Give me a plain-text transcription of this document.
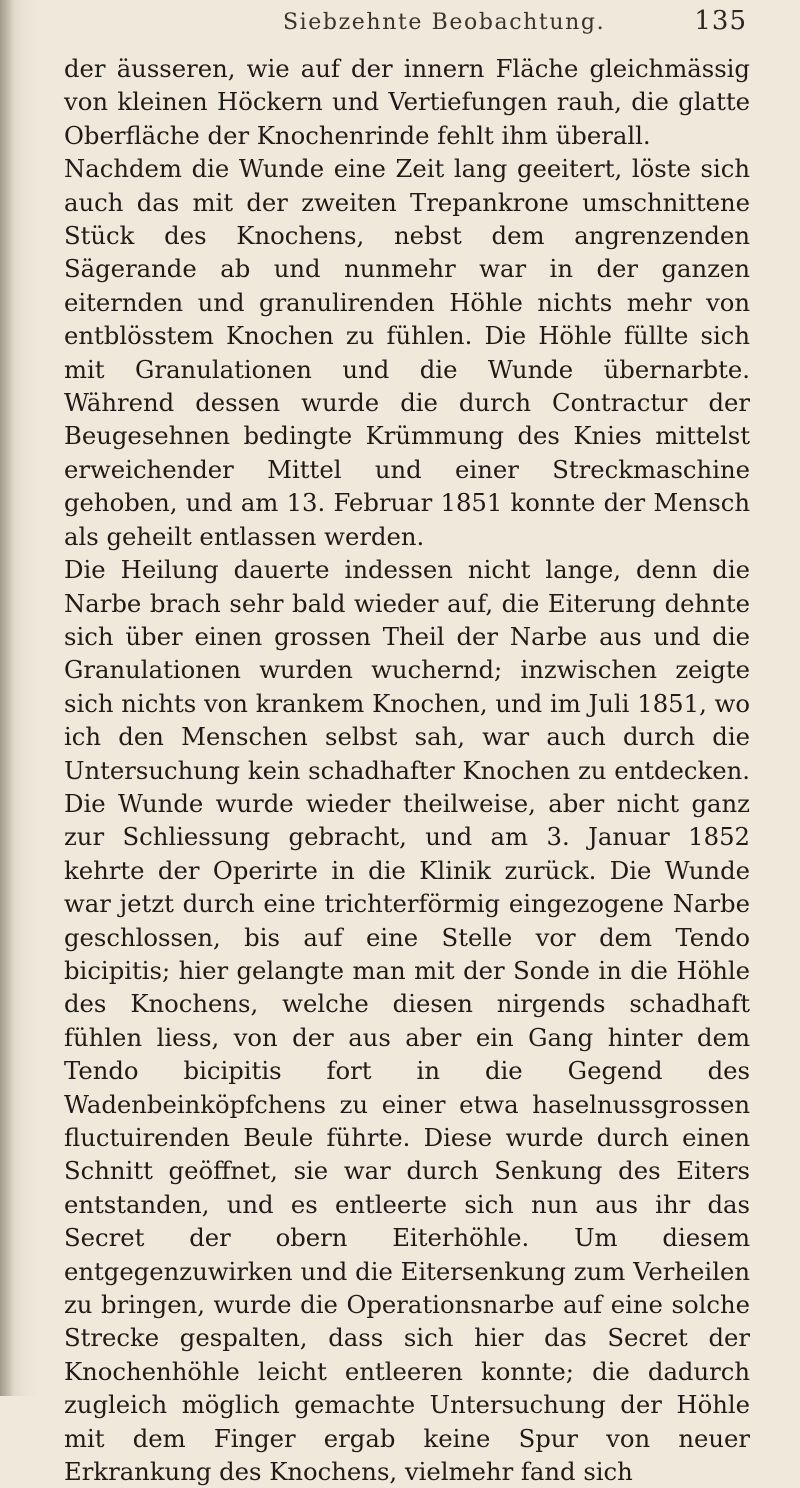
Siebzehnte Beobachtung.	135

der äusseren, wie auf der innern Fläche gleichmässig von kleinen Höckern und Vertiefungen rauh, die glatte Oberfläche der Knochenrinde fehlt ihm überall.

Nachdem die Wunde eine Zeit lang geeitert, löste sich auch das mit der zweiten Trepankrone umschnittene Stück des Knochens, nebst dem angrenzenden Sägerande ab und nunmehr war in der ganzen eiternden und granulirenden Höhle nichts mehr von entblösstem Knochen zu fühlen. Die Höhle füllte sich mit Granulationen und die Wunde übernarbte. Während dessen wurde die durch Contractur der Beugesehnen bedingte Krümmung des Knies mittelst erweichender Mittel und einer Streckmaschine gehoben, und am 13. Februar 1851 konnte der Mensch als geheilt entlassen werden.

Die Heilung dauerte indessen nicht lange, denn die Narbe brach sehr bald wieder auf, die Eiterung dehnte sich über einen grossen Theil der Narbe aus und die Granulationen wurden wuchernd; inzwischen zeigte sich nichts von krankem Knochen, und im Juli 1851, wo ich den Menschen selbst sah, war auch durch die Untersuchung kein schadhafter Knochen zu entdecken. Die Wunde wurde wieder theilweise, aber nicht ganz zur Schliessung gebracht, und am 3. Januar 1852 kehrte der Operirte in die Klinik zurück. Die Wunde war jetzt durch eine trichterförmig eingezogene Narbe geschlossen, bis auf eine Stelle vor dem Tendo bicipitis; hier gelangte man mit der Sonde in die Höhle des Knochens, welche diesen nirgends schadhaft fühlen liess, von der aus aber ein Gang hinter dem Tendo bicipitis fort in die Gegend des Wadenbeinköpfchens zu einer etwa haselnussgrossen fluctuirenden Beule führte. Diese wurde durch einen Schnitt geöffnet, sie war durch Senkung des Eiters entstanden, und es entleerte sich nun aus ihr das Secret der obern Eiterhöhle. Um diesem entgegenzuwirken und die Eitersenkung zum Verheilen zu bringen, wurde die Operationsnarbe auf eine solche Strecke gespalten, dass sich hier das Secret der Knochenhöhle leicht entleeren konnte; die dadurch zugleich möglich gemachte Untersuchung der Höhle mit dem Finger ergab keine Spur von neuer Erkrankung des Knochens, vielmehr fand sich
